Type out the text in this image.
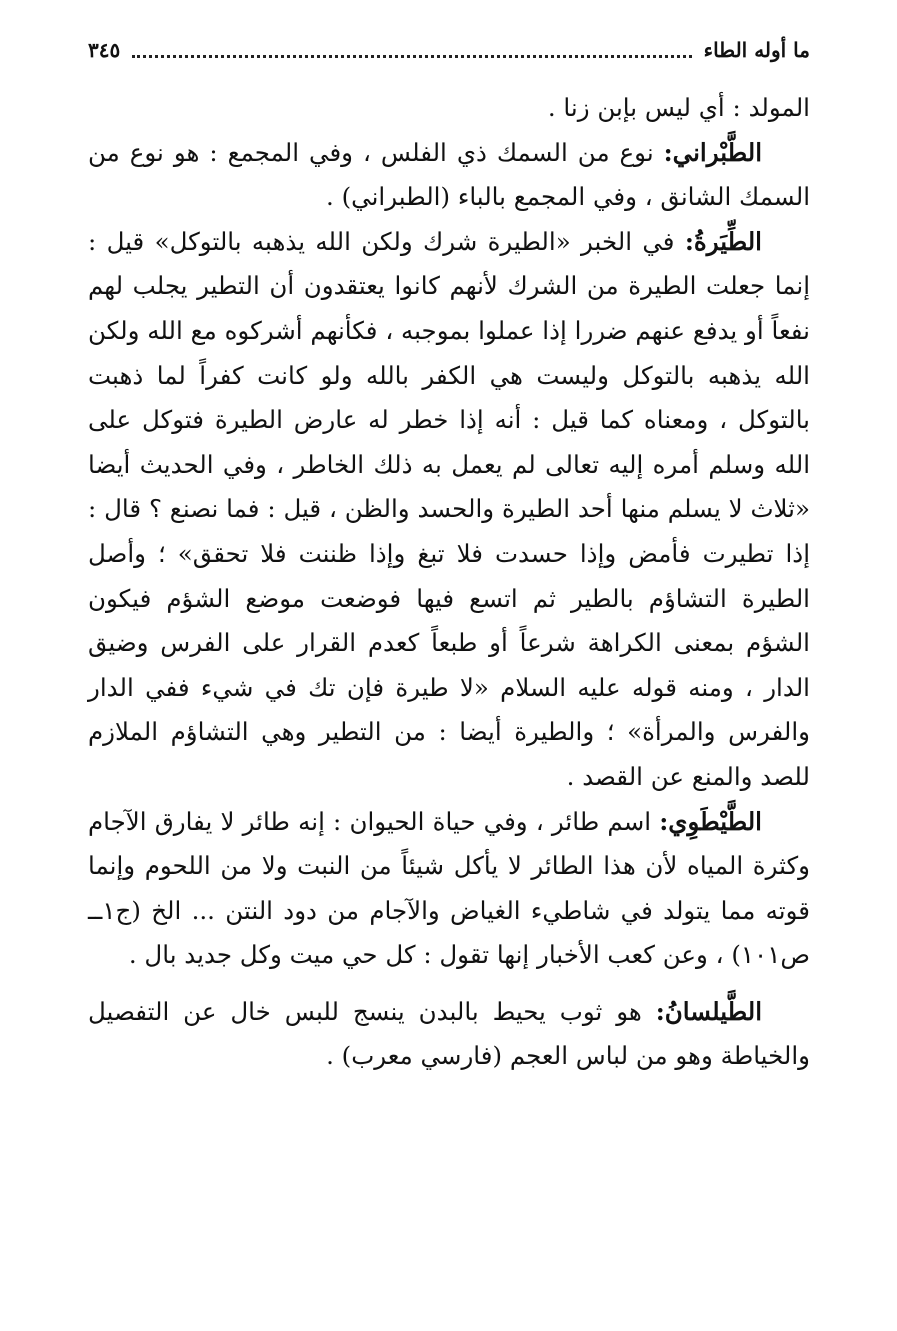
ما أوله الطاء
٣٤٥

المولد : أي ليس بإبن زنا .

الطَّبْراني: نوع من السمك ذي الفلس ، وفي المجمع : هو نوع من السمك الشانق ، وفي المجمع بالباء (الطبراني) .

الطِّيَرةُ: في الخبر «الطيرة شرك ولكن الله يذهبه بالتوكل» قيل : إنما جعلت الطيرة من الشرك لأنهم كانوا يعتقدون أن التطير يجلب لهم نفعاً أو يدفع عنهم ضررا إذا عملوا بموجبه ، فكأنهم أشركوه مع الله ولكن الله يذهبه بالتوكل وليست هي الكفر بالله ولو كانت كفراً لما ذهبت بالتوكل ، ومعناه كما قيل : أنه إذا خطر له عارض الطيرة فتوكل على الله وسلم أمره إليه تعالى لم يعمل به ذلك الخاطر ، وفي الحديث أيضا «ثلاث لا يسلم منها أحد الطيرة والحسد والظن ، قيل : فما نصنع ؟ قال : إذا تطيرت فأمض وإذا حسدت فلا تبغ وإذا ظننت فلا تحقق» ؛ وأصل الطيرة التشاؤم بالطير ثم اتسع فيها فوضعت موضع الشؤم فيكون الشؤم بمعنى الكراهة شرعاً أو طبعاً كعدم القرار على الفرس وضيق الدار ، ومنه قوله عليه السلام «لا طيرة فإن تك في شيء ففي الدار والفرس والمرأة» ؛ والطيرة أيضا : من التطير وهي التشاؤم الملازم للصد والمنع عن القصد .

الطَّيْطَوِي: اسم طائر ، وفي حياة الحيوان : إنه طائر لا يفارق الآجام وكثرة المياه لأن هذا الطائر لا يأكل شيئاً من النبت ولا من اللحوم وإنما قوته مما يتولد في شاطيء الغياض والآجام من دود النتن ... الخ (ج١ــ ص١٠١) ، وعن كعب الأخبار إنها تقول : كل حي ميت وكل جديد بال .

الطَّيلسانُ: هو ثوب يحيط بالبدن ينسج للبس خال عن التفصيل والخياطة وهو من لباس العجم (فارسي معرب) .
